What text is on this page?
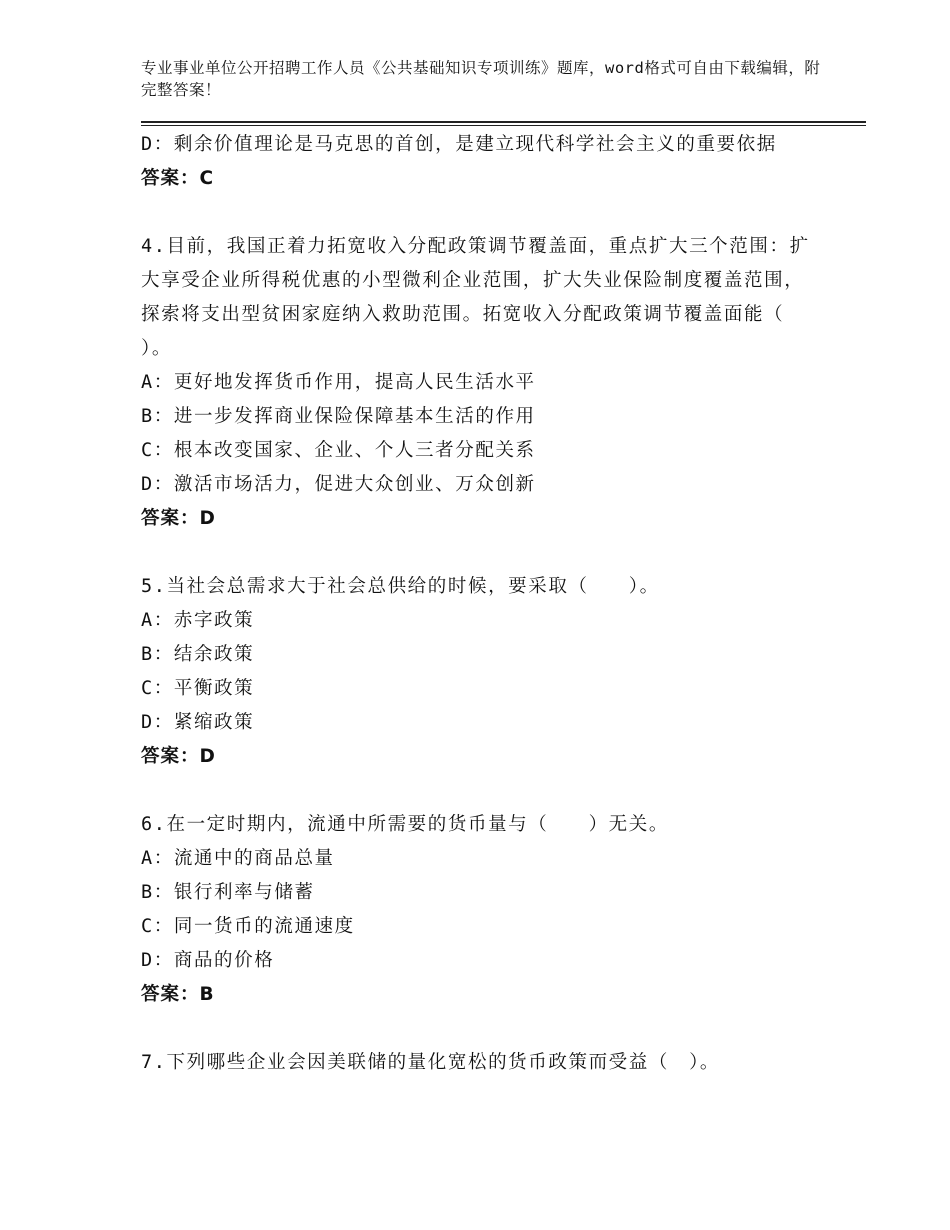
专业事业单位公开招聘工作人员《公共基础知识专项训练》题库，word格式可自由下载编辑，附完整答案！
D：剩余价值理论是马克思的首创，是建立现代科学社会主义的重要依据
答案：C
4.目前，我国正着力拓宽收入分配政策调节覆盖面，重点扩大三个范围：扩大享受企业所得税优惠的小型微利企业范围，扩大失业保险制度覆盖范围，探索将支出型贫困家庭纳入救助范围。拓宽收入分配政策调节覆盖面能（　　）。
A：更好地发挥货币作用，提高人民生活水平
B：进一步发挥商业保险保障基本生活的作用
C：根本改变国家、企业、个人三者分配关系
D：激活市场活力，促进大众创业、万众创新
答案：D
5.当社会总需求大于社会总供给的时候，要采取（　　）。
A：赤字政策
B：结余政策
C：平衡政策
D：紧缩政策
答案：D
6.在一定时期内，流通中所需要的货币量与（　　）无关。
A：流通中的商品总量
B：银行利率与储蓄
C：同一货币的流通速度
D：商品的价格
答案：B
7.下列哪些企业会因美联储的量化宽松的货币政策而受益（　）。
